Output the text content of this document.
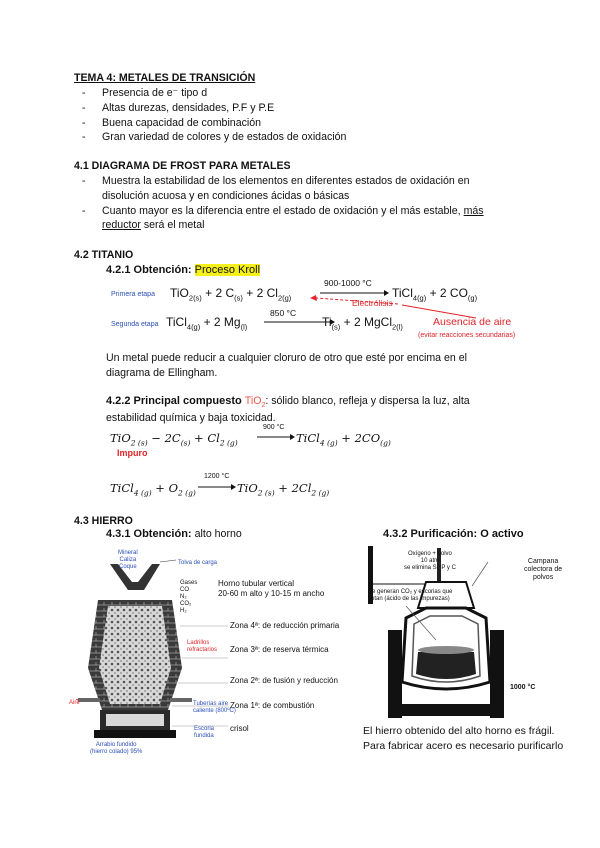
TEMA 4: METALES DE TRANSICIÓN
- Presencia de e⁻ tipo d
- Altas durezas, densidades, P.F y P.E
- Buena capacidad de combinación
- Gran variedad de colores y de estados de oxidación
4.1 DIAGRAMA DE FROST PARA METALES
- Muestra la estabilidad de los elementos en diferentes estados de oxidación en
disolución acuosa y en condiciones ácidas o básicas
- Cuanto mayor es la diferencia entre el estado de oxidación y el más estable, más
reductor será el metal
4.2 TITANIO
4.2.1 Obtención: Proceso Kroll
Primera etapa TiO$_{2(s)}$ + 2 $C_{(s)} + 2$ $Cl_{2(g)}$
900-1000 °C
TiCl$_{4(g)}$ + 2 $CO_{(g)}$
Electrólisis
Segunda etapa TiCl$_{4(g)}$ + 2 $Mg_{(l)}$
850 °C
$Ti_{(s)} + 2$ MgCl$_{2(l)}$	Ausencia de aire
(evitar reacciones secundarias)
Un metal puede reducir a cualquier cloruro de otro que esté por encima en el
diagrama de Ellingham.
4.2.2 Principal compuesto TiO$_2$: sólido blanco, refleja y dispersa la luz, alta
estabilidad química y baja toxicidad.
$TiO_{2 (s)} - 2C_{(s)} + Cl_{2 (g)}$
900 °C
TiCl$_{4 (g)}$ + $2CO_{(g)}$
Impuro
TiCl$_{4 (g)}$ + $O_{2 (g)}$
1200 °C
$TiO_{2 (s)} + 2Cl_{2 (g)}$
4.3 HIERRO
4.3.1 Obtención: alto horno	4.3.2 Purificación: O activo
Mineral
Caliza
Coque
Tolva de carga
Gases
CO
N₂
CO₂
H₂
Horno tubular vertical
20-60 m alto y 10-15 m ancho
Zona 4ª: de reducción primaria
Zona 3ª: de reserva térmica
Zona 2ª: de fusión y reducción
Zona 1ª: de combustión
crisol
Ladrillos
refractarios
Aire	Tuberías aire
caliente (800ºC)
Escoria
fundida
Arrabio fundido
(hierro colado) 95%
Oxígeno + polvo
10 atm
se elimina Si, P y C
Campana
colectora de
polvos
Se generan CO₂ y escorias que
flotan (ácido de las impurezas)
1000 °C
El hierro obtenido del alto horno es frágil.
Para fabricar acero es necesario purificarlo
